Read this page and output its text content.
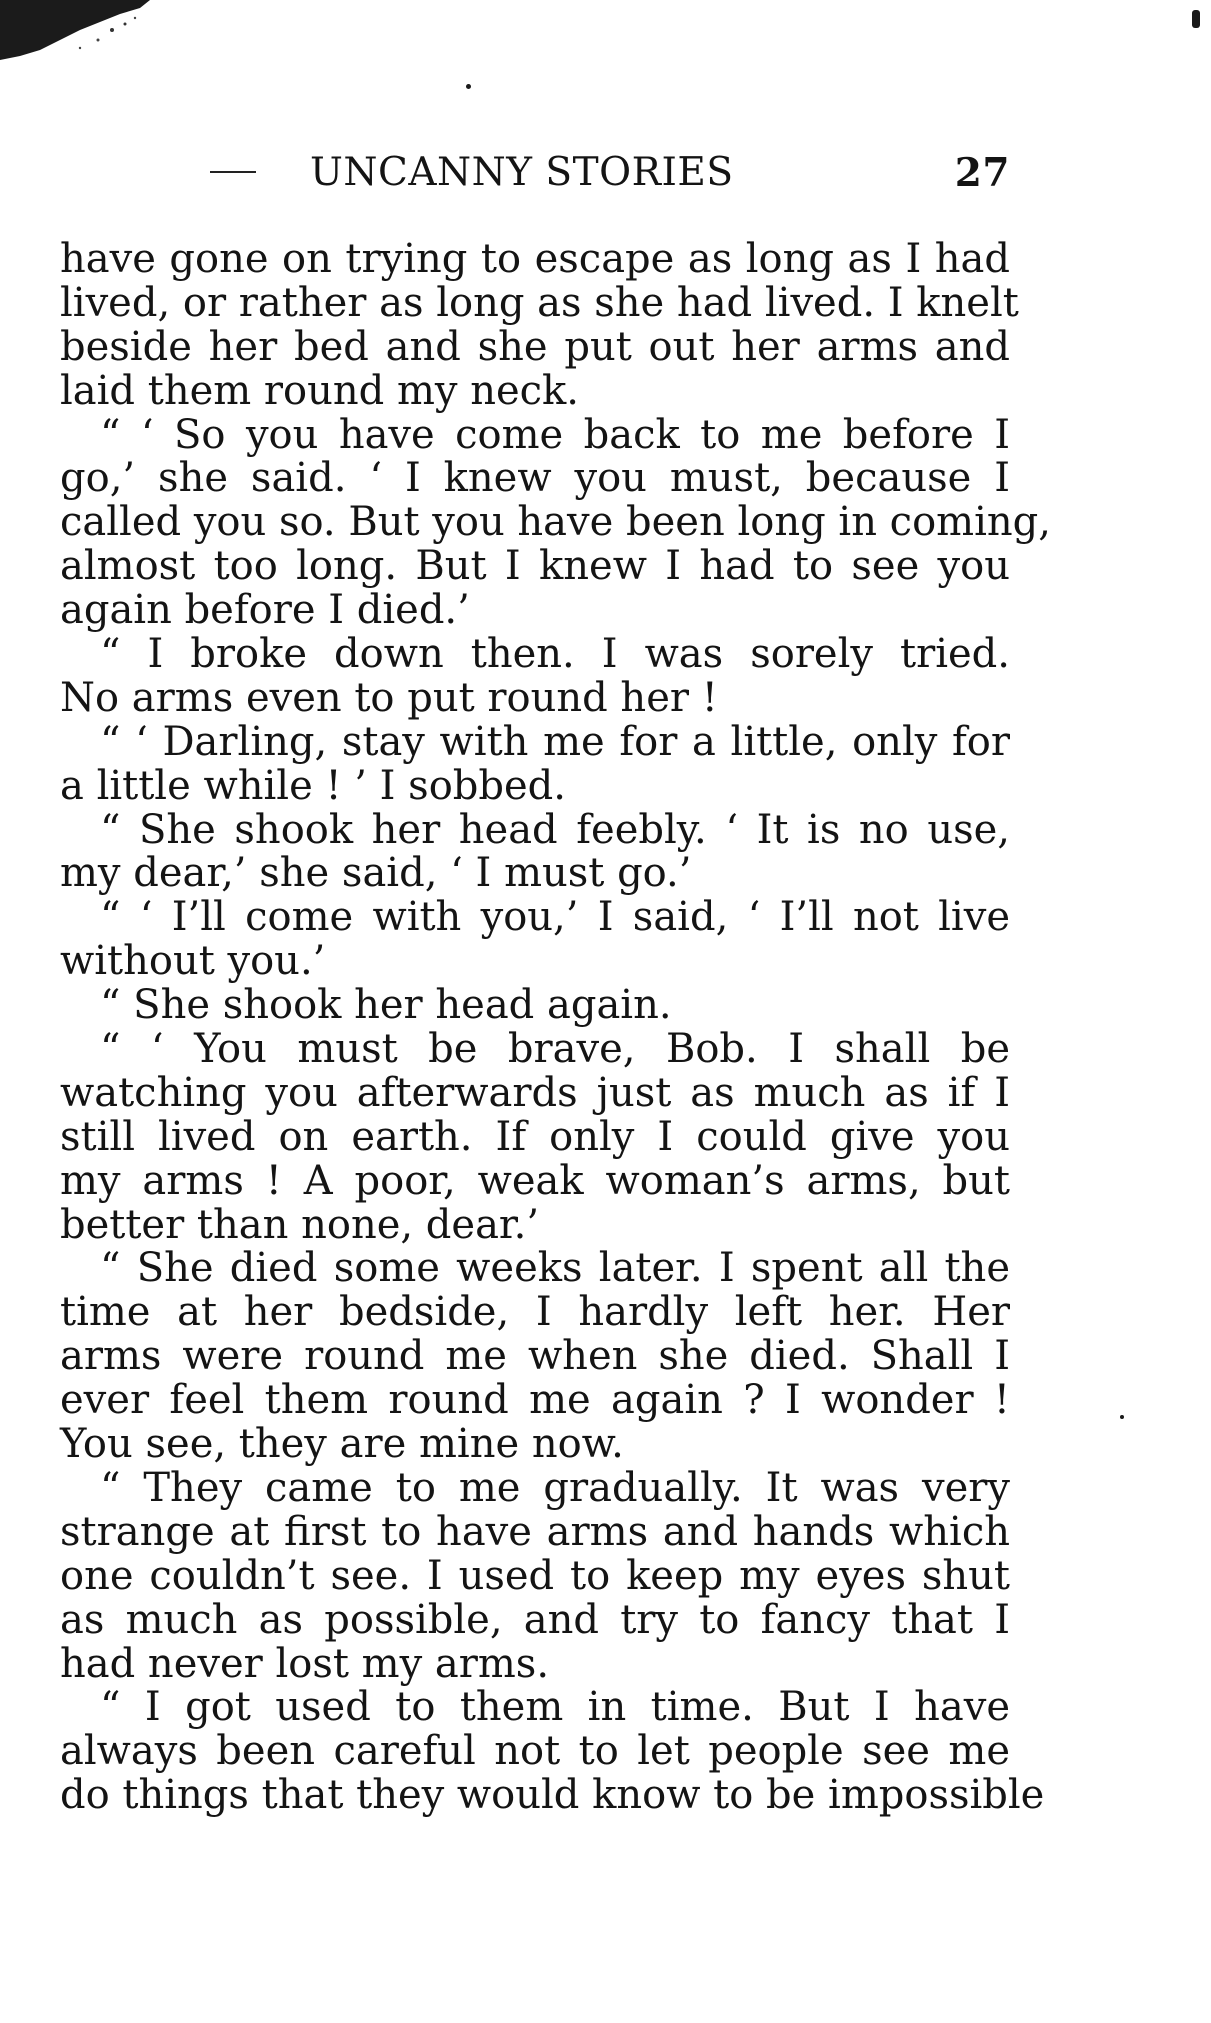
UNCANNY STORIES	27
have gone on trying to escape as long as I had
lived, or rather as long as she had lived. I knelt
beside her bed and she put out her arms and
laid them round my neck.
“ ‘ So you have come back to me before I
go,’ she said. ‘ I knew you must, because I
called you so. But you have been long in coming,
almost too long. But I knew I had to see you
again before I died.’
“ I broke down then. I was sorely tried.
No arms even to put round her !
“ ‘ Darling, stay with me for a little, only for
a little while ! ’ I sobbed.
“ She shook her head feebly. ‘ It is no use,
my dear,’ she said, ‘ I must go.’
“ ‘ I’ll come with you,’ I said, ‘ I’ll not live
without you.’
“ She shook her head again.
“ ‘ You must be brave, Bob. I shall be
watching you afterwards just as much as if I
still lived on earth. If only I could give you
my arms ! A poor, weak woman’s arms, but
better than none, dear.’
“ She died some weeks later. I spent all the
time at her bedside, I hardly left her. Her
arms were round me when she died. Shall I
ever feel them round me again ? I wonder !
You see, they are mine now.
“ They came to me gradually. It was very
strange at first to have arms and hands which
one couldn’t see. I used to keep my eyes shut
as much as possible, and try to fancy that I
had never lost my arms.
“ I got used to them in time. But I have
always been careful not to let people see me
do things that they would know to be impossible
